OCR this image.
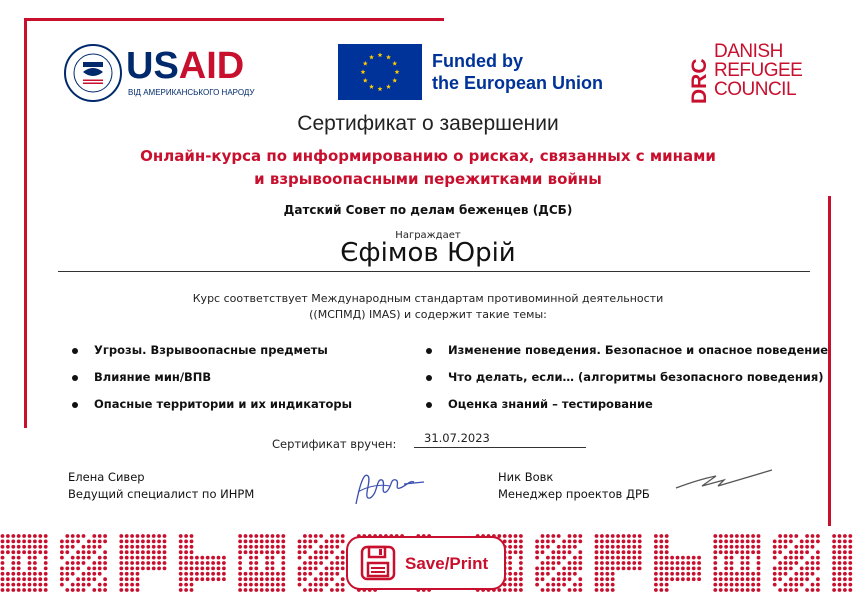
USAID
ВІД АМЕРИКАНСЬКОГО НАРОДУ
Funded by
the European Union	DRC
DANISH
REFUGEE
COUNCIL
Сертификат о завершении
Онлайн-курса по информированию о рисках, связанных с минами
и взрывоопасными пережитками войны
Датский Совет по делам беженцев (ДСБ)
Награждает
Єфімов Юрій
Курс соответствует Международным стандартам противоминной деятельности
((МСПМД) IMAS) и содержит такие темы:
Угрозы. Взрывоопасные предметы
Влияние мин/ВПВ
Опасные территории и их индикаторы
Изменение поведения. Безопасное и опасное поведение
Что делать, если… (алгоритмы безопасного поведения)
Оценка знаний – тестирование
Сертификат вручен: 31.07.2023
Елена Сивер
Ведущий специалист по ИНРМ
Ник Вовк
Менеджер проектов ДРБ
Save/Print
